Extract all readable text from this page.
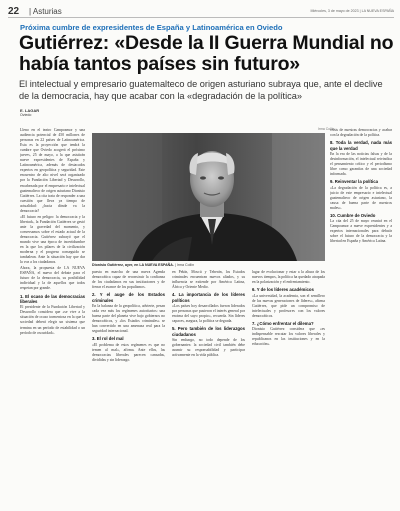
22 | Asturias	Miércoles, 3 de mayo de 2023 | LA NUEVA ESPAÑA
Próxima cumbre de expresidentes de España y Latinoamérica en Oviedo
Gutiérrez: «Desde la II Guerra Mundial no había tantos países sin futuro»
El intelectual y empresario guatemalteco de origen asturiano subraya que, ante el declive de la democracia, hay que acabar con la «degradación de la política»
E. LAGAR
Oviedo
Irma Collín
Dionisio Gutiérrez, ayer, en LA NUEVA ESPAÑA. | Irma Collín

Lleno en el teatro Campoamor y una audiencia potencial de 450 millones de personas en 22 países de Latinoamérica. Esta es la proyección que tendrá la cumbre que Oviedo acogerá el próximo jueves, 25 de mayo, a la que asistirán nueve expresidentes de España y Latinoamérica, además de destacados expertos en geopolítica y seguridad. Este encuentro de alto nivel será organizado por la Fundación Libertad y Desarrollo, encabezada por el empresario e intelectual guatemalteco de origen asturiano Dionisio Gutiérrez. La cita trata de responder a una cuestión que lleva ya tiempo de actualidad: ¿hacia dónde va la democracia?

«El futuro en peligro: la democracia y la libertad», la Fundación Gutiérrez se gestó ante la gravedad del momento, y conversamos sobre el estado actual de la democracia. Gutiérrez subrayó que el mundo vive una época de incertidumbre en la que los pilares de la civilización moderna y el progreso conseguido se tambalean. Ante la situación hay que dar la voz a los ciudadanos.

Ahora, la propuesta de LA NUEVA ESPAÑA, el nuevo del debate para el futuro de la democracia, su posibilidad individual y la de aquellos que todos respetan por grande.

1. El ocaso de las democracias liberales

El presidente de la Fundación Libertad y Desarrollo considera que «se vive a la situación de ocaso tormentosa en la que la sociedad deberá elegir un sistema que termina en un período de estabilidad o un período de oscuridad».

puesta en marcha de una nueva Agenda democrática capaz de reconstruir la confianza de los ciudadanos en sus instituciones y de frenar el avance de los populismos.

2. Y el auge de los Estados criminales

En la balanza de la geopolítica, advierte, pesan cada vez más los regímenes autoritarios: una buena parte del planeta vive bajo gobiernos no democráticos, y «los Estados criminales» se han convertido en una amenaza real para la seguridad internacional.

3. El rol del mal

«El problema de estos regímenes es que no temen al mal», afirma. Ante ellos, las democracias liberales parecen cansadas, divididas y sin liderazgo.

en Pekín, Moscú y Teherán, los Estados criminales encuentran nuevos aliados, y su influencia se extiende por América Latina, África y Oriente Medio.

4. La importancia de los líderes políticos

«Los países hoy desarrollados fueron liderados por personas que pusieron el interés general por encima del suyo propio», recuerda. Sin líderes capaces, asegura, la política se degrada.

5. Pero también de los liderazgos ciudadanos

Sin embargo, no todo depende de los gobernantes: la sociedad civil también debe asumir su responsabilidad y participar activamente en la vida pública.

lugar de evolucionar y estar a la altura de los nuevos tiempos, la política ha quedado atrapada en la polarización y el enfrentamiento.

6. Y de los líderes académicos

«La universidad, la academia, son el semillero de las nuevas generaciones de líderes», afirma Gutiérrez, que pide un compromiso de intelectuales y profesores con los valores democráticos.

7. ¿Cómo enfrentar el dilema?

Dionisio Gutiérrez considera que «es indispensable rescatar los valores liberales y republicanos en las instituciones y en la educación».

crisis de nuestras democracias y acabar con la degradación de la política.

8. Toda la verdad, nada más que la verdad

En la era de las noticias falsas y de la desinformación, el intelectual reivindica el pensamiento crítico y el periodismo libre como garantías de una sociedad informada.

9. Reinventar la política

«La degradación de la política es, a juicio de este empresario e intelectual guatemalteco de origen asturiano, la causa de buena parte de nuestros males».

10. Cumbre de Oviedo

La cita del 25 de mayo reunirá en el Campoamor a nueve expresidentes y a expertos internacionales para debatir sobre el futuro de la democracia y la libertad en España y América Latina.
